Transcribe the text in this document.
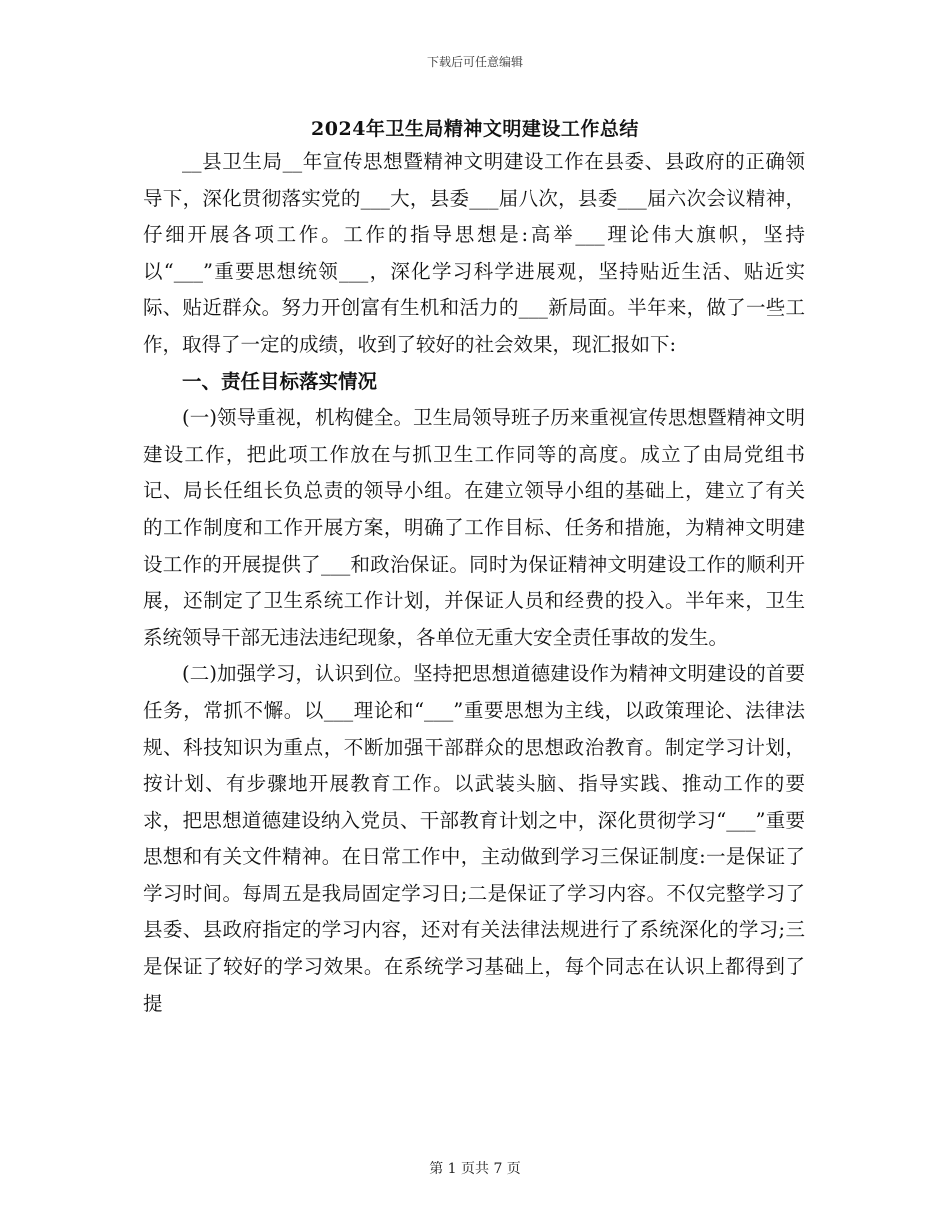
下载后可任意编辑
2024年卫生局精神文明建设工作总结

__县卫生局__年宣传思想暨精神文明建设工作在县委、县政府的正确领导下，深化贯彻落实党的___大，县委___届八次，县委___届六次会议精神，仔细开展各项工作。工作的指导思想是:高举___理论伟大旗帜，坚持以“___”重要思想统领___，深化学习科学进展观，坚持贴近生活、贴近实际、贴近群众。努力开创富有生机和活力的___新局面。半年来，做了一些工作，取得了一定的成绩，收到了较好的社会效果，现汇报如下:

一、责任目标落实情况

(一)领导重视，机构健全。卫生局领导班子历来重视宣传思想暨精神文明建设工作，把此项工作放在与抓卫生工作同等的高度。成立了由局党组书记、局长任组长负总责的领导小组。在建立领导小组的基础上，建立了有关的工作制度和工作开展方案，明确了工作目标、任务和措施，为精神文明建设工作的开展提供了___和政治保证。同时为保证精神文明建设工作的顺利开展，还制定了卫生系统工作计划，并保证人员和经费的投入。半年来，卫生系统领导干部无违法违纪现象，各单位无重大安全责任事故的发生。

(二)加强学习，认识到位。坚持把思想道德建设作为精神文明建设的首要任务，常抓不懈。以___理论和“___”重要思想为主线，以政策理论、法律法规、科技知识为重点，不断加强干部群众的思想政治教育。制定学习计划，按计划、有步骤地开展教育工作。以武装头脑、指导实践、推动工作的要求，把思想道德建设纳入党员、干部教育计划之中，深化贯彻学习“___”重要思想和有关文件精神。在日常工作中，主动做到学习三保证制度:一是保证了学习时间。每周五是我局固定学习日;二是保证了学习内容。不仅完整学习了县委、县政府指定的学习内容，还对有关法律法规进行了系统深化的学习;三是保证了较好的学习效果。在系统学习基础上，每个同志在认识上都得到了提

第 1 页共 7 页
